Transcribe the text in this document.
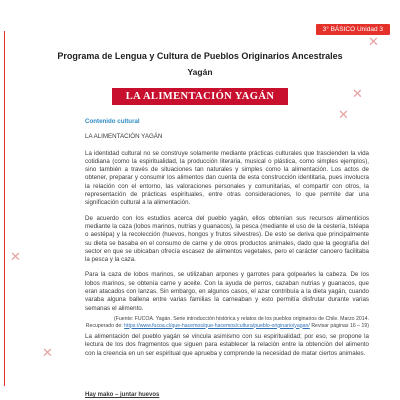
3° BÁSICO Unidad 3
✕
✕
✕
✕
✕
Programa de Lengua y Cultura de Pueblos Originarios Ancestrales
Yagán
LA ALIMENTACIÓN YAGÁN

Contenido cultural

LA ALIMENTACIÓN YAGÁN

La identidad cultural no se construye solamente mediante prácticas culturales que trascienden la vida cotidiana (como la espiritualidad, la producción literaria, musical o plástica, como simples ejemplos), sino también a través de situaciones tan naturales y simples como la alimentación. Los actos de obtener, preparar y consumir los alimentos dan cuenta de esta construcción identitaria, pues involucra la relación con el entorno, las valoraciones personales y comunitarias, el compartir con otros, la representación de prácticas espirituales, entre otras consideraciones, lo que permite dar una significación cultural a la alimentación.

De acuerdo con los estudios acerca del pueblo yagán, ellos obtenían sus recursos alimenticios mediante la caza (lobos marinos, nutrias y guanacos), la pesca (mediante el uso de la cestería, tstéapa o aestépa) y la recolección (huevos, hongos y frutos silvestres). De esto se deriva que principalmente su dieta se basaba en el consumo de carne y de otros productos animales, dado que la geografía del sector en que se ubicaban ofrecía escasez de alimentos vegetales, pero el carácter canoero facilitaba la pesca y la caza.

Para la caza de lobos marinos, se utilizaban arpones y garrotes para golpearles la cabeza. De los lobos marinos, se obtenía carne y aceite. Con la ayuda de perros, cazaban nutrias y guanacos, que eran atacados con lanzas. Sin embargo, en algunos casos, el azar contribuía a la dieta yagán, cuando varaba alguna ballena entre varias familias la carneaban y esto permitía disfrutar durante varias semanas el alimento.

(Fuente: FUCOA. Yagán. Serie introducción histórica y relatos de los pueblos originarios de Chile. Marzo 2014. Recuperado de: https://www.fucoa.cl/que-hacemos/que-hacemos/cultura/pueblo-originario/yagan/ Revisar páginas 16 – 19)

La alimentación del pueblo yagán se vincula asimismo con su espiritualidad; por eso, se propone la lectura de los dos fragmentos que siguen para establecer la relación entre la obtención del alimento con la creencia en un ser espiritual que aprueba y comprende la necesidad de matar ciertos animales.

Hay mako – juntar huevos
